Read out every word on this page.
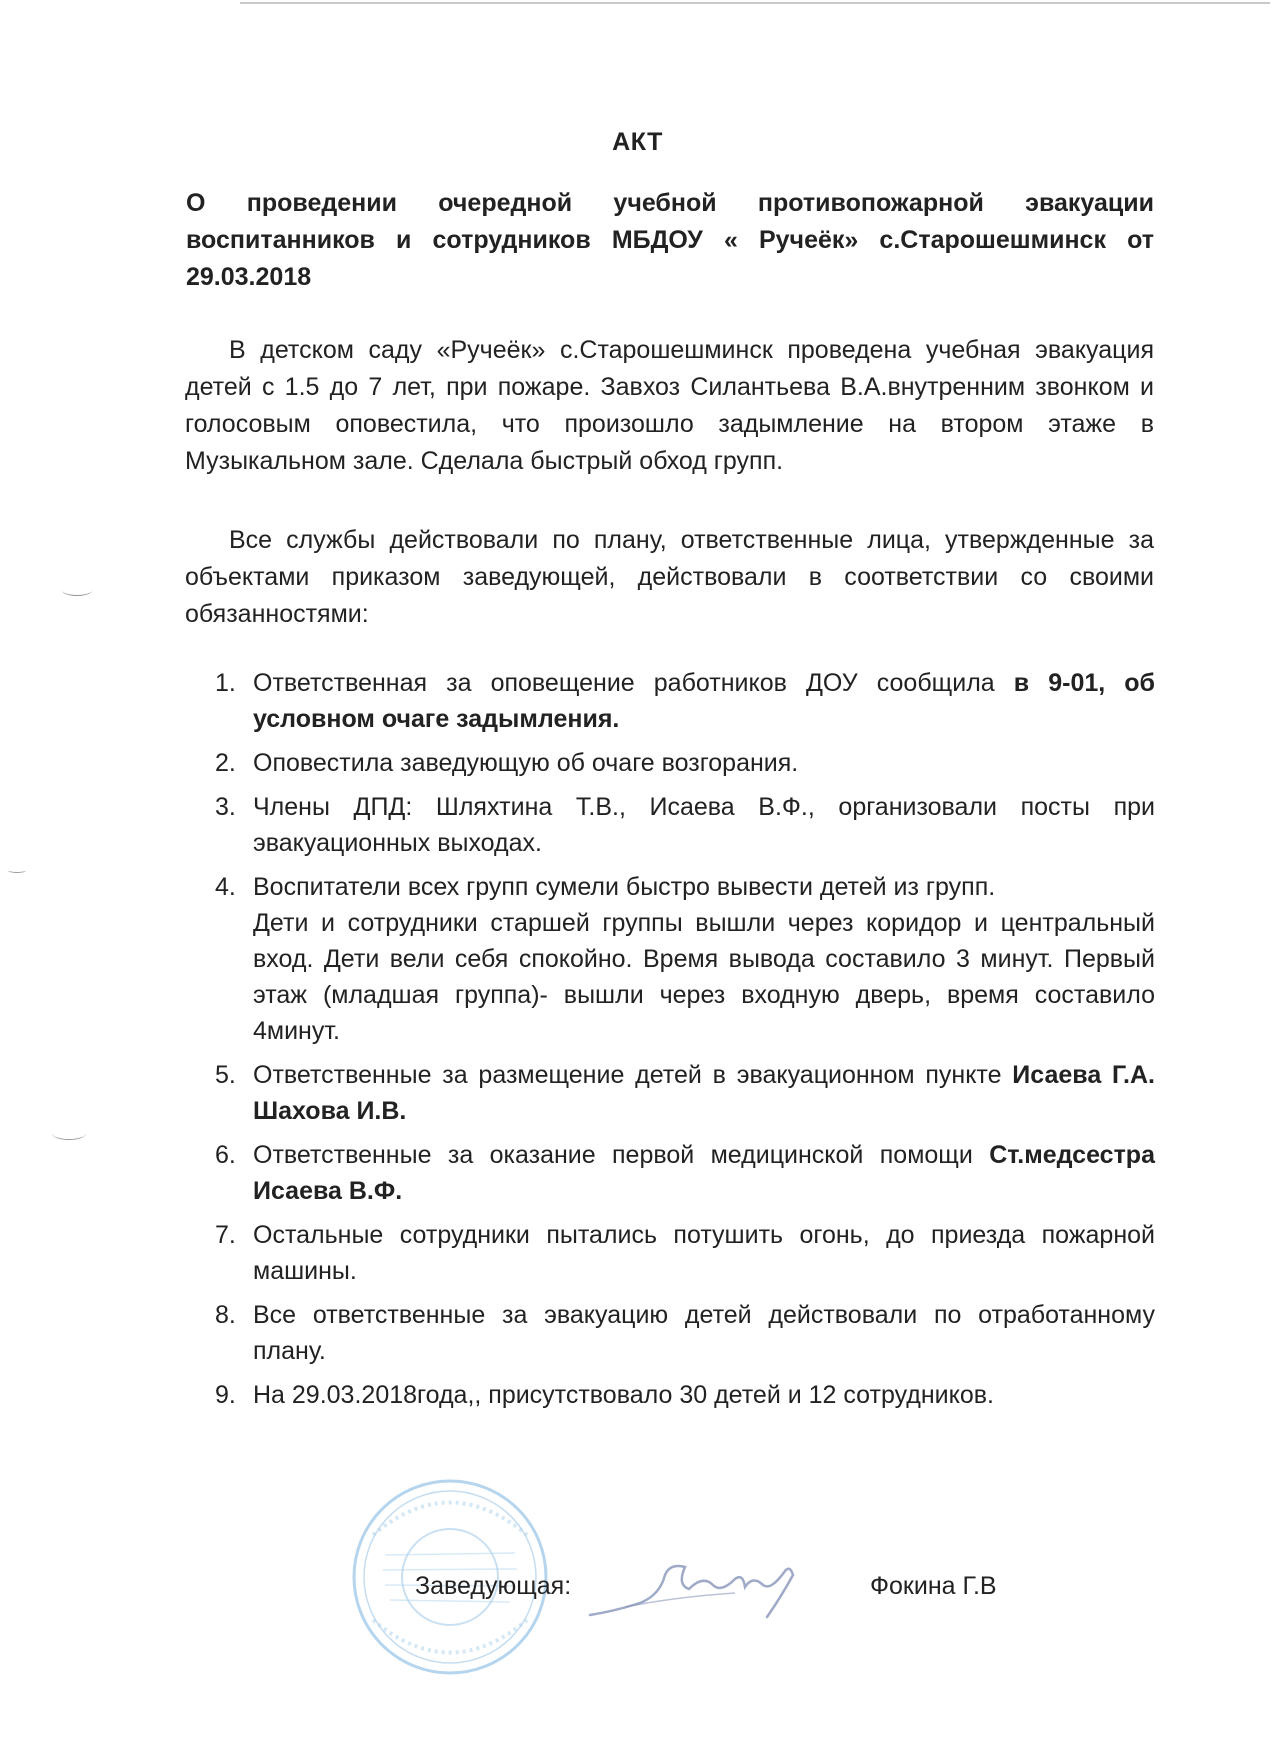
АКТ
О проведении очередной учебной противопожарной эвакуации воспитанников и сотрудников МБДОУ « Ручеёк» с.Старошешминск от 29.03.2018
В детском саду «Ручеёк» с.Старошешминск проведена учебная эвакуация детей с 1.5 до 7 лет, при пожаре. Завхоз Силантьева В.А.внутренним звонком и голосовым оповестила, что произошло задымление на втором этаже в Музыкальном зале. Сделала быстрый обход групп.
Все службы действовали по плану, ответственные лица, утвержденные за объектами приказом заведующей, действовали в соответствии со своими обязанностями:
1. Ответственная за оповещение работников ДОУ сообщила в 9-01, об условном очаге задымления.
2. Оповестила заведующую об очаге возгорания.
3. Члены ДПД: Шляхтина Т.В., Исаева В.Ф., организовали посты при эвакуационных выходах.
4. Воспитатели всех групп сумели быстро вывести детей из групп.
Дети и сотрудники старшей группы вышли через коридор и центральный вход. Дети вели себя спокойно. Время вывода составило 3 минут. Первый этаж (младшая группа)- вышли через входную дверь, время составило 4минут.
5. Ответственные за размещение детей в эвакуационном пункте Исаева Г.А. Шахова И.В.
6. Ответственные за оказание первой медицинской помощи Ст.медсестра Исаева В.Ф.
7. Остальные сотрудники пытались потушить огонь, до приезда пожарной машины.
8. Все ответственные за эвакуацию детей действовали по отработанному плану.
9. На 29.03.2018года,, присутствовало 30 детей и 12 сотрудников.
Заведующая:	Фокина Г.В
